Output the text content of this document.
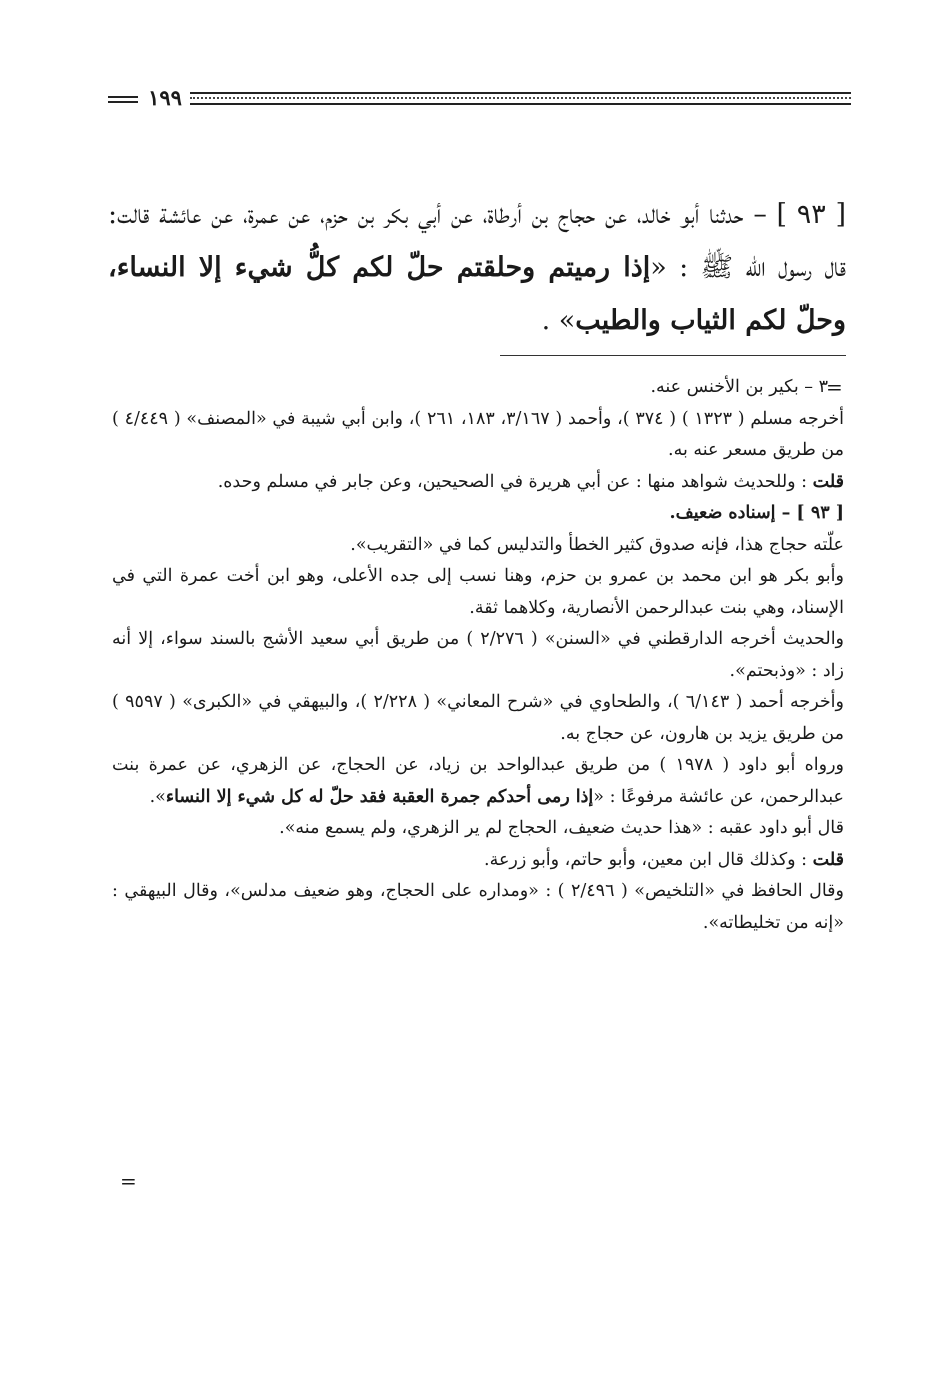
١٩٩
[ ٩٣ ] – حدثنا أبو خالد، عن حجاج بن أرطاة، عن أبي بكر بن حزم، عن عمرة، عن عائشة قالت: قال رسول الله ﷺ : «إذا رميتم وحلقتم حلّ لكم كلُّ شيء إلا النساء، وحلّ لكم الثياب والطيب» .
=

٣ – بكير بن الأخنس عنه.

أخرجه مسلم ( ١٣٢٣ ) ( ٣٧٤ )، وأحمد ( ٣/١٦٧، ١٨٣، ٢٦١ )، وابن أبي شيبة في «المصنف» ( ٤/٤٤٩ ) من طريق مسعر عنه به.

قلت : وللحديث شواهد منها : عن أبي هريرة في الصحيحين، وعن جابر في مسلم وحده.

[ ٩٣ ] – إسناده ضعيف.

علّته حجاج هذا، فإنه صدوق كثير الخطأ والتدليس كما في «التقريب».

وأبو بكر هو ابن محمد بن عمرو بن حزم، وهنا نسب إلى جده الأعلى، وهو ابن أخت عمرة التي في الإسناد، وهي بنت عبدالرحمن الأنصارية، وكلاهما ثقة.

والحديث أخرجه الدارقطني في «السنن» ( ٢/٢٧٦ ) من طريق أبي سعيد الأشج بالسند سواء، إلا أنه زاد : «وذبحتم».

وأخرجه أحمد ( ٦/١٤٣ )، والطحاوي في «شرح المعاني» ( ٢/٢٢٨ )، والبيهقي في «الكبرى» ( ٩٥٩٧ ) من طريق يزيد بن هارون، عن حجاج به.

ورواه أبو داود ( ١٩٧٨ ) من طريق عبدالواحد بن زياد، عن الحجاج، عن الزهري، عن عمرة بنت عبدالرحمن، عن عائشة مرفوعًا : «إذا رمى أحدكم جمرة العقبة فقد حلّ له كل شيء إلا النساء».

قال أبو داود عقبه : «هذا حديث ضعيف، الحجاج لم ير الزهري، ولم يسمع منه».

قلت : وكذلك قال ابن معين، وأبو حاتم، وأبو زرعة.

وقال الحافظ في «التلخيص» ( ٢/٤٩٦ ) : «ومداره على الحجاج، وهو ضعيف مدلس»، وقال البيهقي : «إنه من تخليطاته».

=
